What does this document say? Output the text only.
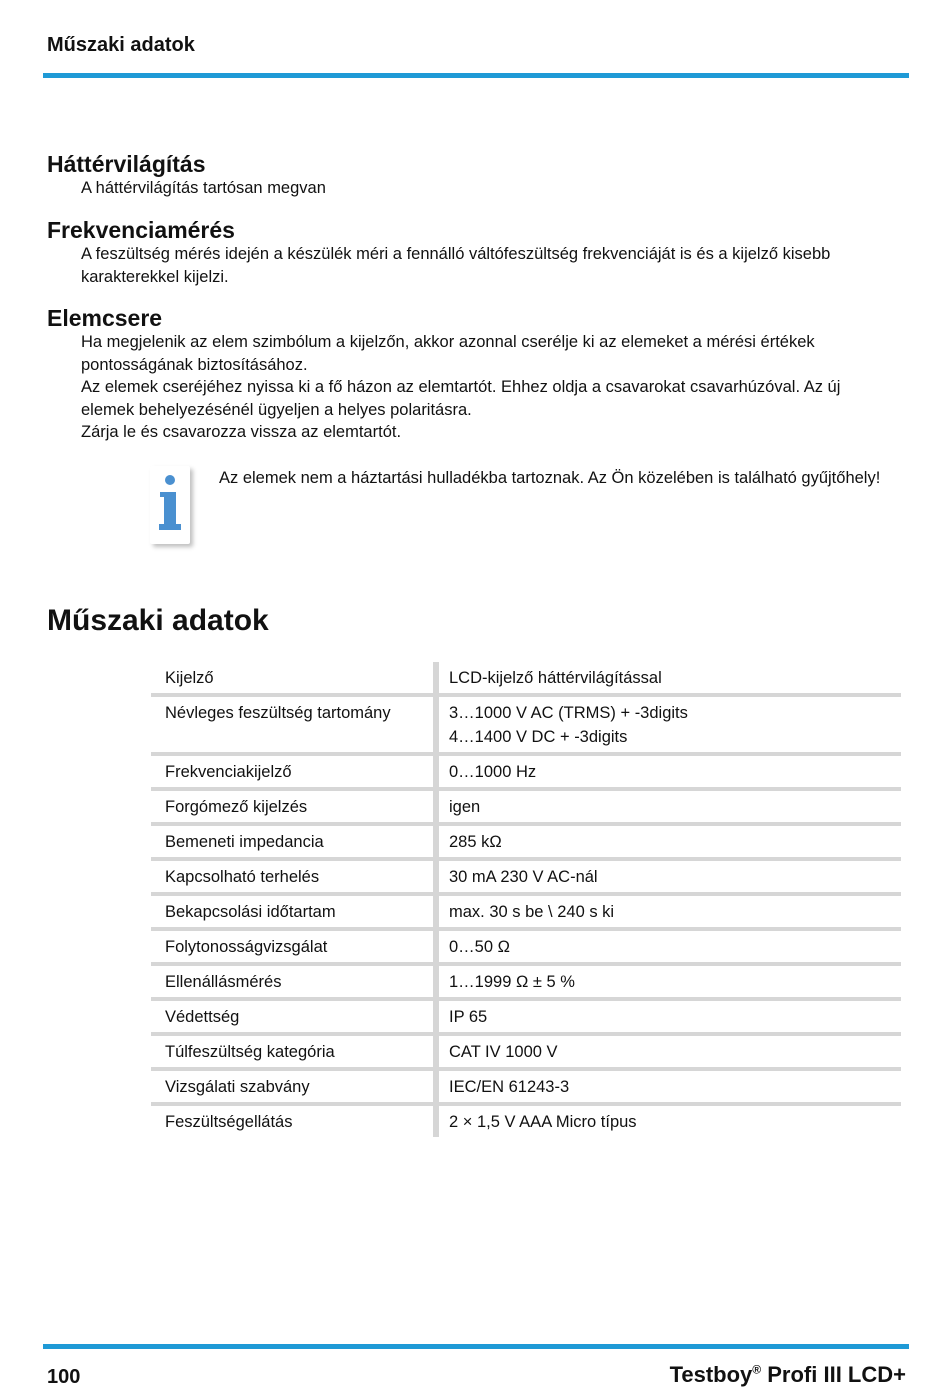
Műszaki adatok
Háttérvilágítás

A háttérvilágítás tartósan megvan

Frekvenciamérés

A feszültség mérés idején a készülék méri a fennálló váltófeszültség frekvenciáját is és a kijelző kisebb karakterekkel kijelzi.

Elemcsere

Ha megjelenik az elem szimbólum a kijelzőn, akkor azonnal cserélje ki az elemeket a mérési értékek pontosságának biztosításához.

Az elemek cseréjéhez nyissa ki a fő házon az elemtartót. Ehhez oldja a csavarokat csavarhúzóval. Az új elemek behelyezésénél ügyeljen a helyes polaritásra.

Zárja le és csavarozza vissza az elemtartót.

Az elemek nem a háztartási hulladékba tartoznak. Az Ön közelében is található gyűjtőhely!
Műszaki adatok
Kijelző		LCD-kijelző háttérvilágítással

Névleges feszültség tartomány		3…1000 V AC (TRMS) + -3digits
4…1400 V DC + -3digits

Frekvenciakijelző		0…1000 Hz

Forgómező kijelzés		igen

Bemeneti impedancia		285 kΩ

Kapcsolható terhelés		30 mA 230 V AC-nál

Bekapcsolási időtartam		max. 30 s be \ 240 s ki

Folytonosságvizsgálat		0…50 Ω

Ellenállásmérés		1…1999 Ω ± 5 %

Védettség		IP 65

Túlfeszültség kategória		CAT IV 1000 V

Vizsgálati szabvány		IEC/EN 61243-3

Feszültségellátás		2 × 1,5 V AAA Micro típus
100	Testboy® Profi III LCD+
